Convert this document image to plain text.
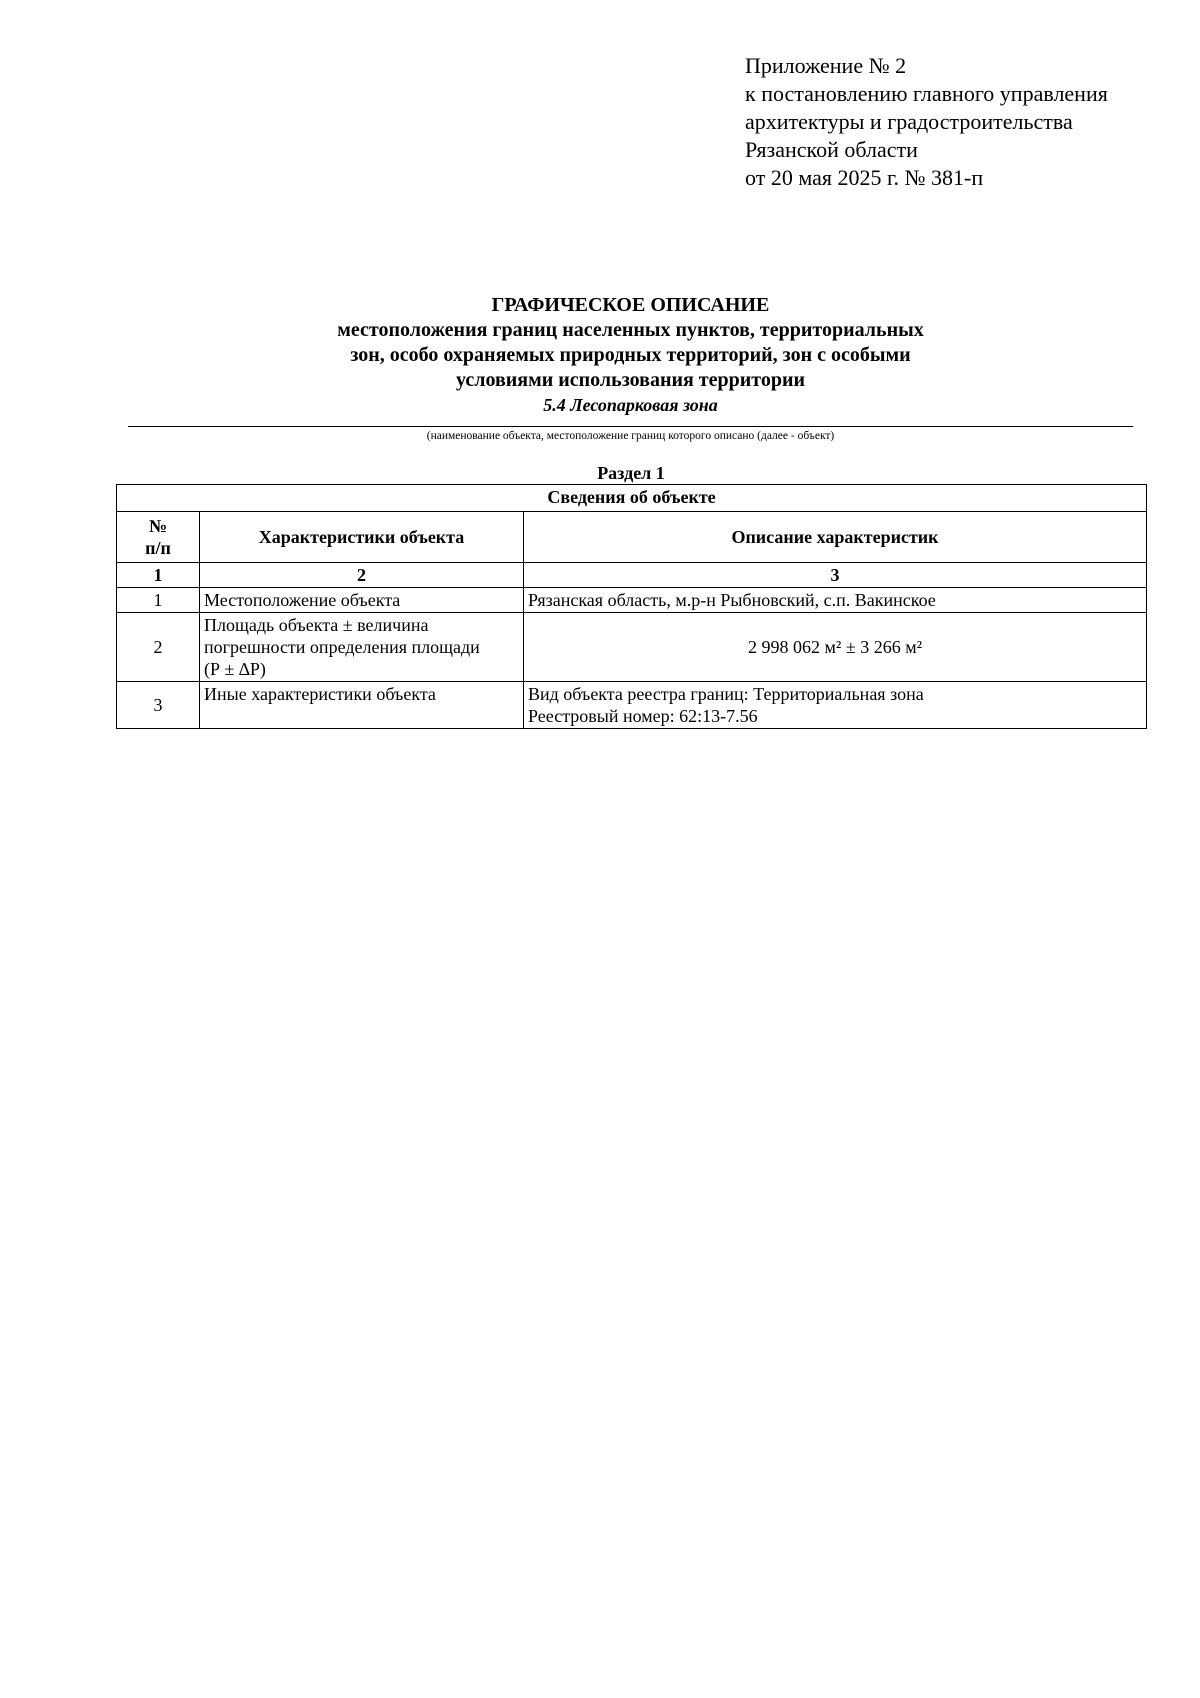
Приложение № 2
к постановлению главного управления
архитектуры и градостроительства
Рязанской области
от 20 мая 2025 г. № 381-п
ГРАФИЧЕСКОЕ ОПИСАНИЕ
местоположения границ населенных пунктов, территориальных
зон, особо охраняемых природных территорий, зон с особыми
условиями использования территории
5.4 Лесопарковая зона
(наименование объекта, местоположение границ которого описано (далее - объект)
Раздел 1
Сведения об объекте		

№
п/п	Характеристики объекта	Описание характеристик
1	2	3
1	Местоположение объекта	Рязанская область, м.р-н Рыбновский, с.п. Вакинское
2	Площадь объекта ± величина
погрешности определения площади
(Р ± ∆Р)	2 998 062 м² ± 3 266 м²
3	Иные характеристики объекта	Вид объекта реестра границ: Территориальная зона
Реестровый номер: 62:13-7.56
